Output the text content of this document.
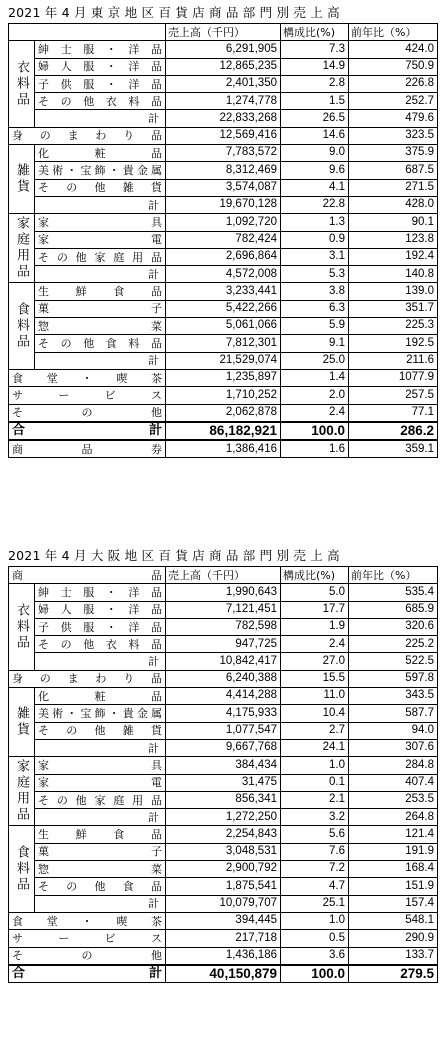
2021 年 4 月 東 京 地 区 百 貨 店 商 品 部 門 別 売 上 高
		売上高（千円）	構成比(%)	前年比（%）
衣料品	紳士服・洋品	6,291,905	7.3	424.0
	婦人服・洋品	12,865,235	14.9	750.9
	子供服・洋品	2,401,350	2.8	226.8
	その他衣料品	1,274,778	1.5	252.7
	計	22,833,268	26.5	479.6
身のまわり品		12,569,416	14.6	323.5
雑貨	化粧品	7,783,572	9.0	375.9
	美術・宝飾・貴金属	8,312,469	9.6	687.5
	その他雑貨	3,574,087	4.1	271.5
	計	19,670,128	22.8	428.0
家庭用品	家具	1,092,720	1.3	90.1
	家電	782,424	0.9	123.8
	その他家庭用品	2,696,864	3.1	192.4
	計	4,572,008	5.3	140.8
食料品	生鮮食品	3,233,441	3.8	139.0
	菓子	5,422,266	6.3	351.7
	惣菜	5,061,066	5.9	225.3
	その他食料品	7,812,301	9.1	192.5
	計	21,529,074	25.0	211.6
食堂・喫茶		1,235,897	1.4	1077.9
サービス		1,710,252	2.0	257.5
その他		2,062,878	2.4	77.1
合計		86,182,921	100.0	286.2
商品券		1,386,416	1.6	359.1
2021 年 4 月 大 阪 地 区 百 貨 店 商 品 部 門 別 売 上 高
商品		売上高（千円）	構成比(%)	前年比（%）
衣料品	紳士服・洋品	1,990,643	5.0	535.4
	婦人服・洋品	7,121,451	17.7	685.9
	子供服・洋品	782,598	1.9	320.6
	その他衣料品	947,725	2.4	225.2
	計	10,842,417	27.0	522.5
身のまわり品		6,240,388	15.5	597.8
雑貨	化粧品	4,414,288	11.0	343.5
	美術・宝飾・貴金属	4,175,933	10.4	587.7
	その他雑貨	1,077,547	2.7	94.0
	計	9,667,768	24.1	307.6
家庭用品	家具	384,434	1.0	284.8
	家電	31,475	0.1	407.4
	その他家庭用品	856,341	2.1	253.5
	計	1,272,250	3.2	264.8
食料品	生鮮食品	2,254,843	5.6	121.4
	菓子	3,048,531	7.6	191.9
	惣菜	2,900,792	7.2	168.4
	その他食品	1,875,541	4.7	151.9
	計	10,079,707	25.1	157.4
食堂・喫茶		394,445	1.0	548.1
サービス		217,718	0.5	290.9
その他		1,436,186	3.6	133.7
合計		40,150,879	100.0	279.5
